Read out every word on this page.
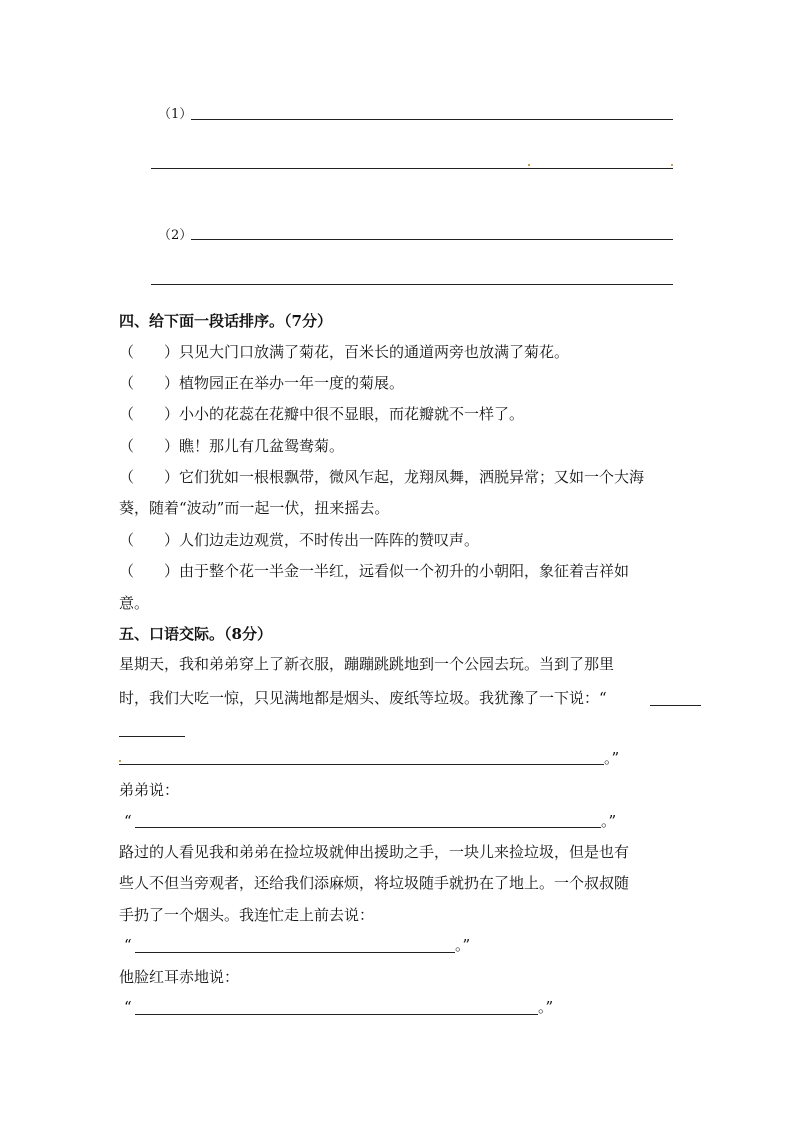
（1）
（2）
四、给下面一段话排序。（7分）
（　　）只见大门口放满了菊花，百米长的通道两旁也放满了菊花。
（　　）植物园正在举办一年一度的菊展。
（　　）小小的花蕊在花瓣中很不显眼，而花瓣就不一样了。
（　　）瞧！那儿有几盆鸳鸯菊。
（　　）它们犹如一根根飘带，微风乍起，龙翔凤舞，洒脱异常；又如一个大海
葵，随着“波动”而一起一伏，扭来摇去。
（　　）人们边走边观赏，不时传出一阵阵的赞叹声。
（　　）由于整个花一半金一半红，远看似一个初升的小朝阳，象征着吉祥如
意。
五、口语交际。（8分）
星期天，我和弟弟穿上了新衣服，蹦蹦跳跳地到一个公园去玩。当到了那里
时，我们大吃一惊，只见满地都是烟头、废纸等垃圾。我犹豫了一下说：“
。”
弟弟说：
“	。”
路过的人看见我和弟弟在捡垃圾就伸出援助之手，一块儿来捡垃圾，但是也有
些人不但当旁观者，还给我们添麻烦，将垃圾随手就扔在了地上。一个叔叔随
手扔了一个烟头。我连忙走上前去说：
“	。”
他脸红耳赤地说：
“	。”
